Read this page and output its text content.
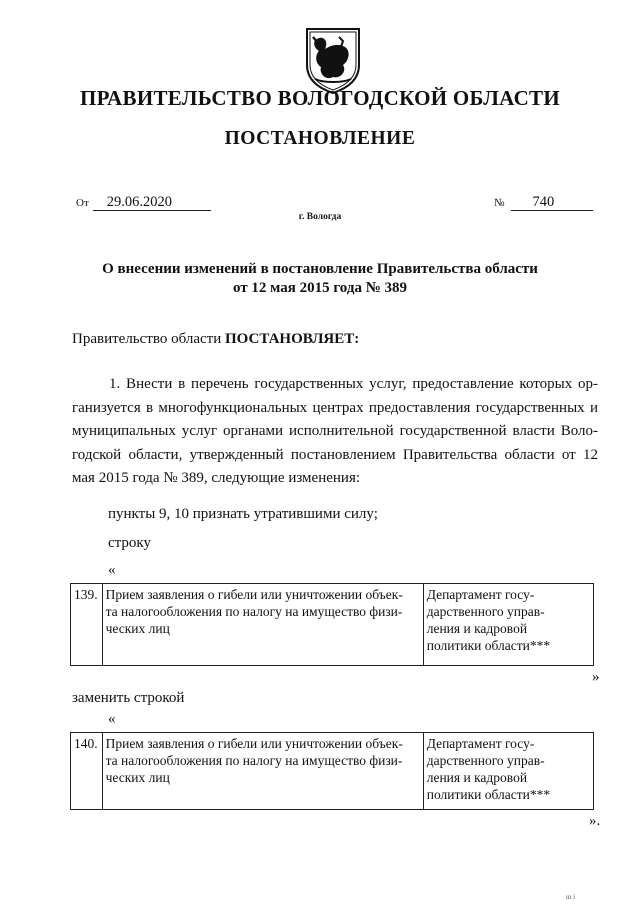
ПРАВИТЕЛЬСТВО ВОЛОГОДСКОЙ ОБЛАСТИ
ПОСТАНОВЛЕНИЕ
От 29.06.2020	№ 740
г. Вологда
О внесении изменений в постановление Правительства области
от 12 мая 2015 года № 389
Правительство области ПОСТАНОВЛЯЕТ:
1. Внести в перечень государственных услуг, предоставление которых ор-
ганизуется в многофункциональных центрах предоставления государственных и
муниципальных услуг органами исполнительной государственной власти Воло-
годской области, утвержденный постановлением Правительства области от 12
мая 2015 года № 389, следующие изменения:
пункты 9, 10 признать утратившими силу;
строку
«
139.	Прием заявления о гибели или уничтожении объек-
та налогообложения по налогу на имущество физи-
ческих лиц	Департамент госу-
дарственного управ-
ления и кадровой
политики области***
»
заменить строкой
«
140.	Прием заявления о гибели или уничтожении объек-
та налогообложения по налогу на имущество физи-
ческих лиц	Департамент госу-
дарственного управ-
ления и кадровой
политики области***
».
ш і
